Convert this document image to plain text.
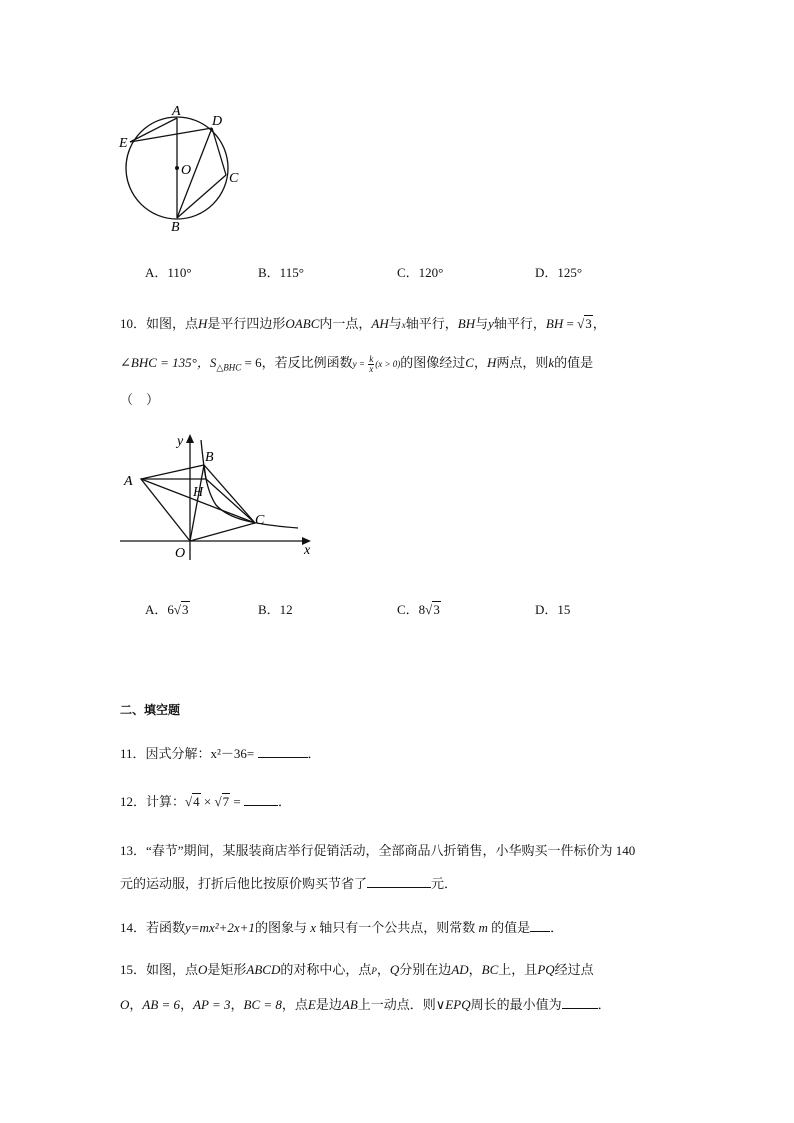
A
D
E
O
C
B
A．110°	B．115°	C．120°	D．125°
10．如图，点H是平行四边形OABC内一点，AH与x轴平行，BH与y轴平行，BH = √3，
∠BHC = 135°，$S_{\triangle BHC} = 6$，若反比例函数$y = \frac{k}{x} (x > 0)$的图像经过C，H两点，则k的值是
（　）
y
B
A
H
C
O	x
A．6√3	B．12	C．8√3	D．15
二、填空题
11．因式分解：x²－36=	．
12．计算：√4 × √7 =	．
13．“春节”期间，某服装商店举行促销活动，全部商品八折销售，小华购买一件标价为 140
元的运动服，打折后他比按原价购买节省了	元．
14．若函数y=mx²+2x+1的图象与 x 轴只有一个公共点，则常数 m 的值是 ．
15．如图，点O是矩形ABCD的对称中心，点P，Q分别在边AD，BC上，且PQ经过点
O，AB = 6，AP = 3，BC = 8，点E是边AB上一动点．则∨EPQ周长的最小值为	．
